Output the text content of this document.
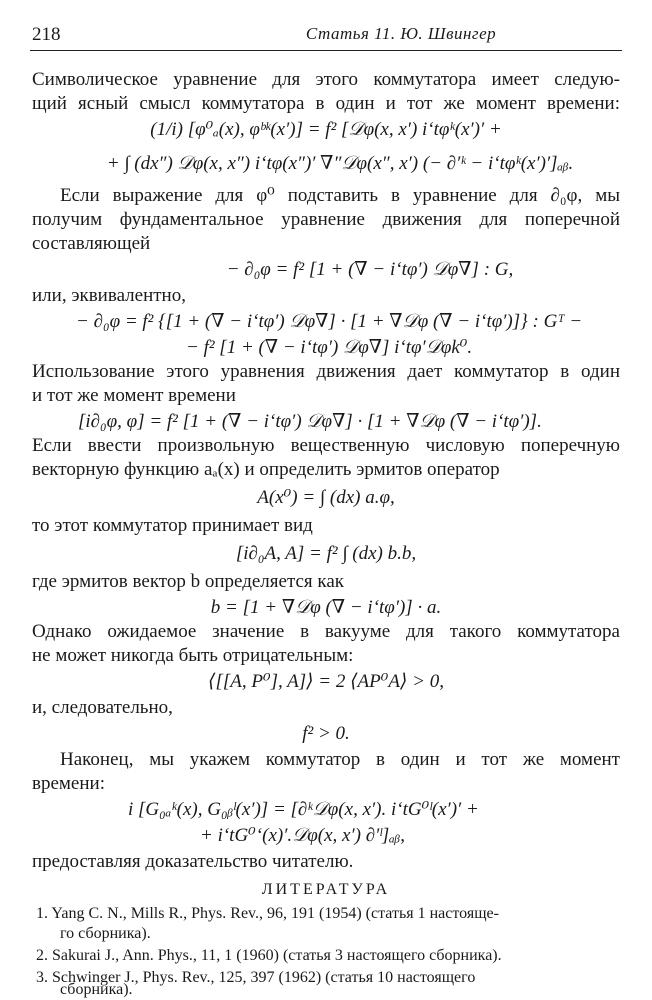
218	Статья 11. Ю. Швингер
Символическое уравнение для этого коммутатора имеет следую-
щий ясный смысл коммутатора в один и тот же момент времени:
(1/i) [φ⁰ₐ(x), φᵇᵏ(x′)] = f² [𝒟φ(x, x′) i‘tφᵏ(x′)′ +
+ ∫ (dx″) 𝒟φ(x, x″) i‘tφ(x″)′ ∇″𝒟φ(x″, x′) (− ∂′ᵏ − i‘tφᵏ(x′)′]ₐᵦ.
Если выражение для φ⁰ подставить в уравнение для ∂₀φ, мы
получим фундаментальное уравнение движения для поперечной
составляющей
− ∂₀φ = f² [1 + (∇ − i‘tφ′) 𝒟φ∇] : G,
или, эквивалентно,
− ∂₀φ = f² {[1 + (∇ − i‘tφ′) 𝒟φ∇] · [1 + ∇𝒟φ (∇ − i‘tφ′)]} : Gᵀ −
− f² [1 + (∇ − i‘tφ′) 𝒟φ∇] i‘tφ′𝒟φk⁰.
Использование этого уравнения движения дает коммутатор в один
и тот же момент времени
[i∂₀φ, φ] = f² [1 + (∇ − i‘tφ′) 𝒟φ∇] · [1 + ∇𝒟φ (∇ − i‘tφ′)].
Если ввести произвольную вещественную числовую поперечную
векторную функцию aₐ(x) и определить эрмитов оператор
A(x⁰) = ∫ (dx) a.φ,
то этот коммутатор принимает вид
[i∂₀A, A] = f² ∫ (dx) b.b,
где эрмитов вектор b определяется как
b = [1 + ∇𝒟φ (∇ − i‘tφ′)] · a.
Однако ожидаемое значение в вакууме для такого коммутатора
не может никогда быть отрицательным:
⟨[[A, P⁰], A]⟩ = 2 ⟨AP⁰A⟩ > 0,
и, следовательно,
f² > 0.
Наконец, мы укажем коммутатор в один и тот же момент
времени:
i [G₀ₐᵏ(x), G₀ᵦˡ(x′)] = [∂ᵏ𝒟φ(x, x′). i‘tG⁰ˡ(x′)′ +
+ i‘tG⁰‘(x)′.𝒟φ(x, x′) ∂′ˡ]ₐᵦ,
предоставляя доказательство читателю.
ЛИТЕРАТУРА
1. Yang C. N., Mills R., Phys. Rev., 96, 191 (1954) (статья 1 настояще-
го сборника).
2. Sakurai J., Ann. Phys., 11, 1 (1960) (статья 3 настоящего сборника).
3. Schwinger J., Phys. Rev., 125, 397 (1962) (статья 10 настоящего
сборника).
